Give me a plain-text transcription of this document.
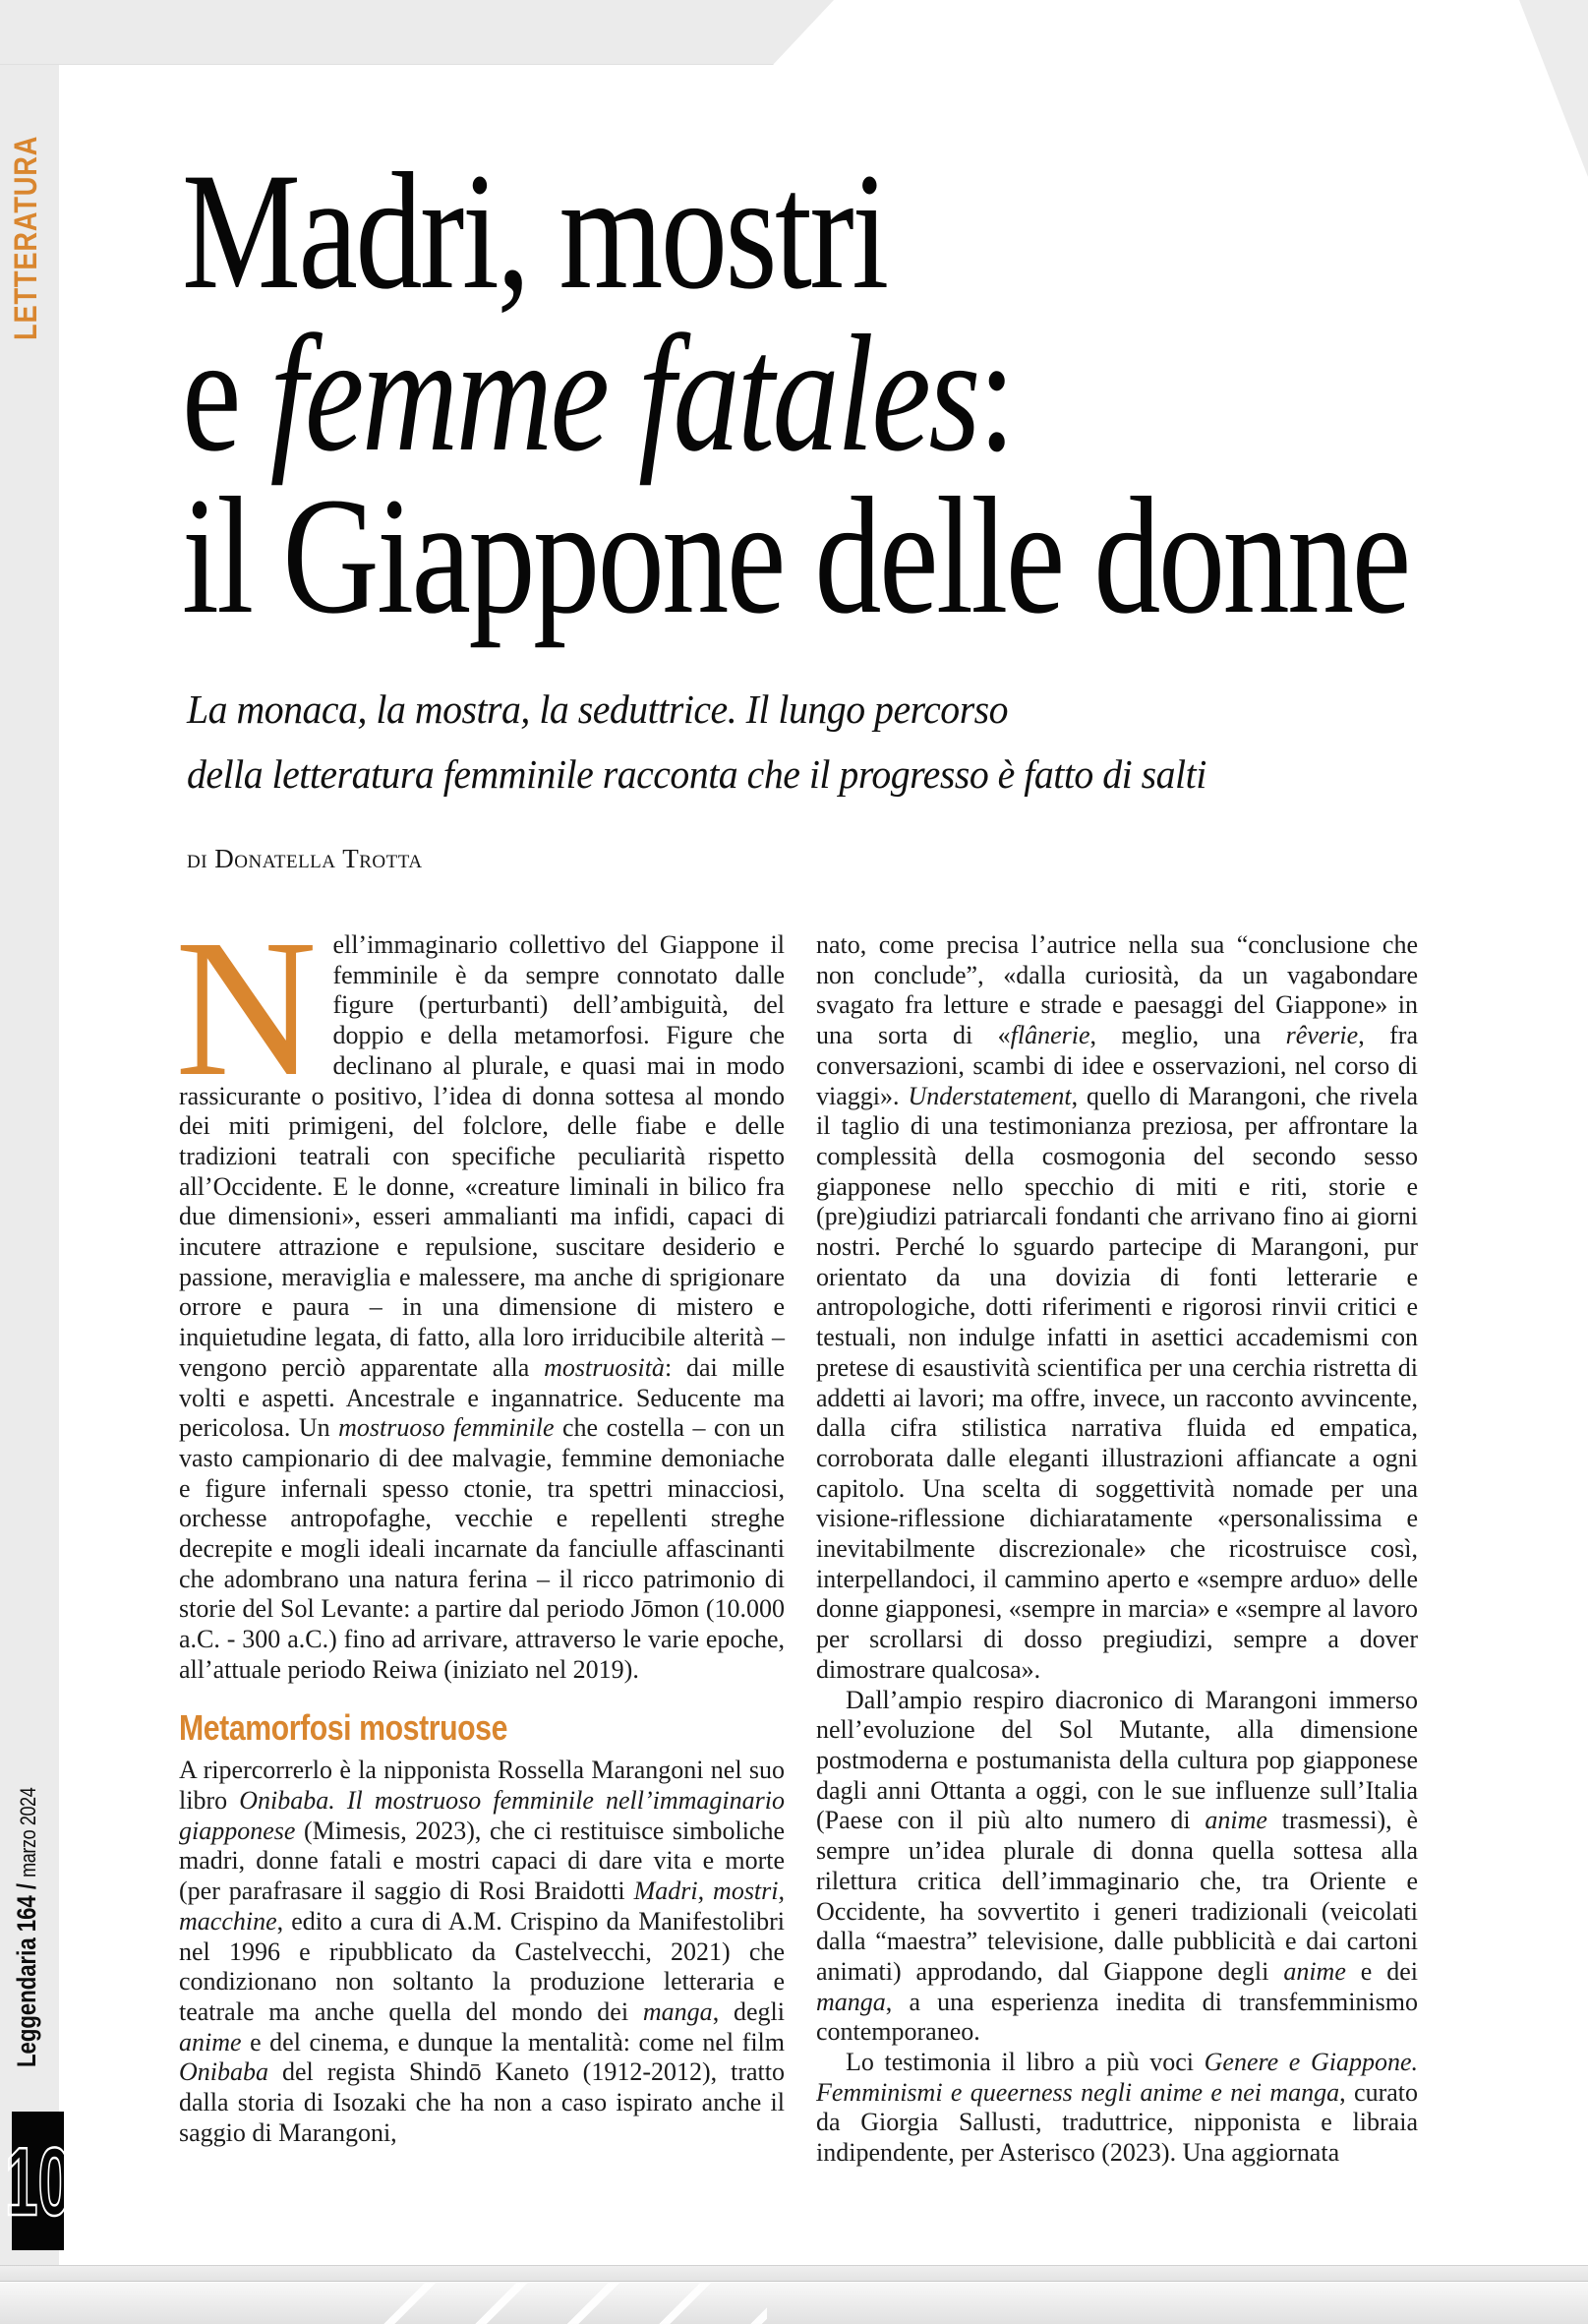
LETTERATURA Madri, mostri
e femme fatales:
il Giappone delle donne
La monaca, la mostra, la seduttrice. Il lungo percorso
della letteratura femminile racconta che il progresso è fatto di salti
di Donatella Trotta
N ell’immaginario collettivo del Giappone il femminile è da sempre connotato dalle figure (perturbanti) dell’ambiguità, del doppio e della metamorfosi. Figure che declinano al plurale, e quasi mai in modo rassicurante o positivo, l’idea di donna sottesa al mondo dei miti primigeni, del folclore, delle fiabe e delle tradizioni teatrali con specifiche peculiarità rispetto all’Occidente. E le donne, «creature liminali in bilico fra due dimensioni», esseri ammalianti ma infidi, capaci di incutere attrazione e repulsione, suscitare desiderio e passione, meraviglia e malessere, ma anche di sprigionare orrore e paura – in una dimensione di mistero e inquietudine legata, di fatto, alla loro irriducibile alterità – vengono perciò apparentate alla mostruosità: dai mille volti e aspetti. Ancestrale e ingannatrice. Seducente ma pericolosa. Un mostruoso femminile che costella – con un vasto campionario di dee malvagie, femmine demoniache e figure infernali spesso ctonie, tra spettri minacciosi, orchesse antropofaghe, vecchie e repellenti streghe decrepite e mogli ideali incarnate da fanciulle affascinanti che adombrano una natura ferina – il ricco patrimonio di storie del Sol Levante: a partire dal periodo Jōmon (10.000 a.C. - 300 a.C.) fino ad arrivare, attraverso le varie epoche, all’attuale periodo Reiwa (iniziato nel 2019).

Metamorfosi mostruose

A ripercorrerlo è la nipponista Rossella Marangoni nel suo libro Onibaba. Il mostruoso femminile nell’immaginario giapponese (Mimesis, 2023), che ci restituisce simboliche madri, donne fatali e mostri capaci di dare vita e morte (per parafrasare il saggio di Rosi Braidotti Madri, mostri, macchine, edito a cura di A.M. Crispino da Manifestolibri nel 1996 e ripubblicato da Castelvecchi, 2021) che condizionano non soltanto la produzione letteraria e teatrale ma anche quella del mondo dei manga, degli anime e del cinema, e dunque la mentalità: come nel film Onibaba del regista Shindō Kaneto (1912-2012), tratto dalla storia di Isozaki che ha non a caso ispirato anche il saggio di Marangoni,

nato, come precisa l’autrice nella sua “conclusione che non conclude”, «dalla curiosità, da un vagabondare svagato fra letture e strade e paesaggi del Giappone» in una sorta di «flânerie, meglio, una rêverie, fra conversazioni, scambi di idee e osservazioni, nel corso di viaggi». Understatement, quello di Marangoni, che rivela il taglio di una testimonianza preziosa, per affrontare la complessità della cosmogonia del secondo sesso giapponese nello specchio di miti e riti, storie e (pre)giudizi patriarcali fondanti che arrivano fino ai giorni nostri. Perché lo sguardo partecipe di Marangoni, pur orientato da una dovizia di fonti letterarie e antropologiche, dotti riferimenti e rigorosi rinvii critici e testuali, non indulge infatti in asettici accademismi con pretese di esaustività scientifica per una cerchia ristretta di addetti ai lavori; ma offre, invece, un racconto avvincente, dalla cifra stilistica narrativa fluida ed empatica, corroborata dalle eleganti illustrazioni affiancate a ogni capitolo. Una scelta di soggettività nomade per una visione-riflessione dichiaratamente «personalissima e inevitabilmente discrezionale» che ricostruisce così, interpellandoci, il cammino aperto e «sempre arduo» delle donne giapponesi, «sempre in marcia» e «sempre al lavoro per scrollarsi di dosso pregiudizi, sempre a dover dimostrare qualcosa».

Dall’ampio respiro diacronico di Marangoni immerso nell’evoluzione del Sol Mutante, alla dimensione postmoderna e postumanista della cultura pop giapponese dagli anni Ottanta a oggi, con le sue influenze sull’Italia (Paese con il più alto numero di anime trasmessi), è sempre un’idea plurale di donna quella sottesa alla rilettura critica dell’immaginario che, tra Oriente e Occidente, ha sovvertito i generi tradizionali (veicolati dalla “maestra” televisione, dalle pubblicità e dai cartoni animati) approdando, dal Giappone degli anime e dei manga, a una esperienza inedita di transfemminismo contemporaneo.

Lo testimonia il libro a più voci Genere e Giappone. Femminismi e queerness negli anime e nei manga, curato da Giorgia Sallusti, traduttrice, nipponista e libraia indipendente, per Asterisco (2023). Una aggiornata

Leggendaria 164 / marzo 2024
10
